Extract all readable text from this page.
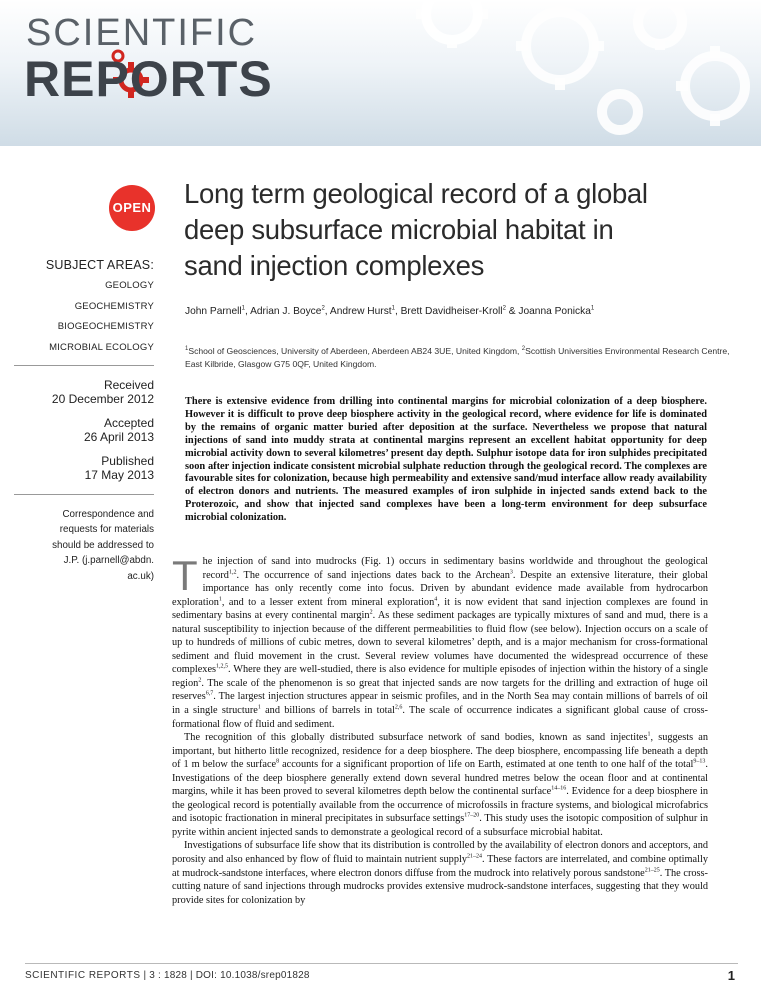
SCIENTIFIC
REPORTS
OPEN
SUBJECT AREAS:
GEOLOGY
GEOCHEMISTRY
BIOGEOCHEMISTRY
MICROBIAL ECOLOGY
Received
20 December 2012
Accepted
26 April 2013
Published
17 May 2013
Correspondence and
requests for materials
should be addressed to
J.P. (j.parnell@abdn.
ac.uk)
Long term geological record of a global
deep subsurface microbial habitat in
sand injection complexes
John Parnell$^1$, Adrian J. Boyce$^2$, Andrew Hurst$^1$, Brett Davidheiser-Kroll$^2$ & Joanna Ponicka$^1$
$^1$School of Geosciences, University of Aberdeen, Aberdeen AB24 3UE, United Kingdom, $^2$Scottish Universities Environmental Research Centre, East Kilbride, Glasgow G75 0QF, United Kingdom.
There is extensive evidence from drilling into continental margins for microbial colonization of a deep biosphere. However it is difficult to prove deep biosphere activity in the geological record, where evidence for life is dominated by the remains of organic matter buried after deposition at the surface. Nevertheless we propose that natural injections of sand into muddy strata at continental margins represent an excellent habitat opportunity for deep microbial activity down to several kilometres’ present day depth. Sulphur isotope data for iron sulphides precipitated soon after injection indicate consistent microbial sulphate reduction through the geological record. The complexes are favourable sites for colonization, because high permeability and extensive sand/mud interface allow ready availability of electron donors and nutrients. The measured examples of iron sulphide in injected sands extend back to the Proterozoic, and show that injected sand complexes have been a long-term environment for deep subsurface microbial colonization.

The injection of sand into mudrocks (Fig. 1) occurs in sedimentary basins worldwide and throughout the geological record$^{1,2}$. The occurrence of sand injections dates back to the Archean$^3$. Despite an extensive literature, their global importance has only recently come into focus. Driven by abundant evidence made available from hydrocarbon exploration$^1$, and to a lesser extent from mineral exploration$^4$, it is now evident that sand injection complexes are found in sedimentary basins at every continental margin$^2$. As these sediment packages are typically mixtures of sand and mud, there is a natural susceptibility to injection because of the different permeabilities to fluid flow (see below). Injection occurs on a scale of up to hundreds of millions of cubic metres, down to several kilometres’ depth, and is a major mechanism for cross-formational sediment and fluid movement in the crust. Several review volumes have documented the widespread occurrence of these complexes$^{1,2,5}$. Where they are well-studied, there is also evidence for multiple episodes of injection within the history of a single region$^2$. The scale of the phenomenon is so great that injected sands are now targets for the drilling and extraction of huge oil reserves$^{6,7}$. The largest injection structures appear in seismic profiles, and in the North Sea may contain millions of barrels of oil in a single structure$^1$ and billions of barrels in total$^{2,6}$. The scale of occurrence indicates a significant global cause of cross-formational flow of fluid and sediment.

The recognition of this globally distributed subsurface network of sand bodies, known as sand injectites$^1$, suggests an important, but hitherto little recognized, residence for a deep biosphere. The deep biosphere, encompassing life beneath a depth of 1 m below the surface$^8$ accounts for a significant proportion of life on Earth, estimated at one tenth to one half of the total$^{9-13}$. Investigations of the deep biosphere generally extend down several hundred metres below the ocean floor and at continental margins, while it has been proved to several kilometres depth below the continental surface$^{14-16}$. Evidence for a deep biosphere in the geological record is potentially available from the occurrence of microfossils in fracture systems, and biological microfabrics and isotopic fractionation in mineral precipitates in subsurface settings$^{17-20}$. This study uses the isotopic composition of sulphur in pyrite within ancient injected sands to demonstrate a geological record of a subsurface microbial habitat.

Investigations of subsurface life show that its distribution is controlled by the availability of electron donors and acceptors, and porosity and also enhanced by flow of fluid to maintain nutrient supply$^{21-24}$. These factors are interrelated, and combine optimally at mudrock-sandstone interfaces, where electron donors diffuse from the mudrock into relatively porous sandstone$^{21-25}$. The cross-cutting nature of sand injections through mudrocks provides extensive mudrock-sandstone interfaces, suggesting that they would provide sites for colonization by

SCIENTIFIC REPORTS | 3 : 1828 | DOI: 10.1038/srep01828	1
